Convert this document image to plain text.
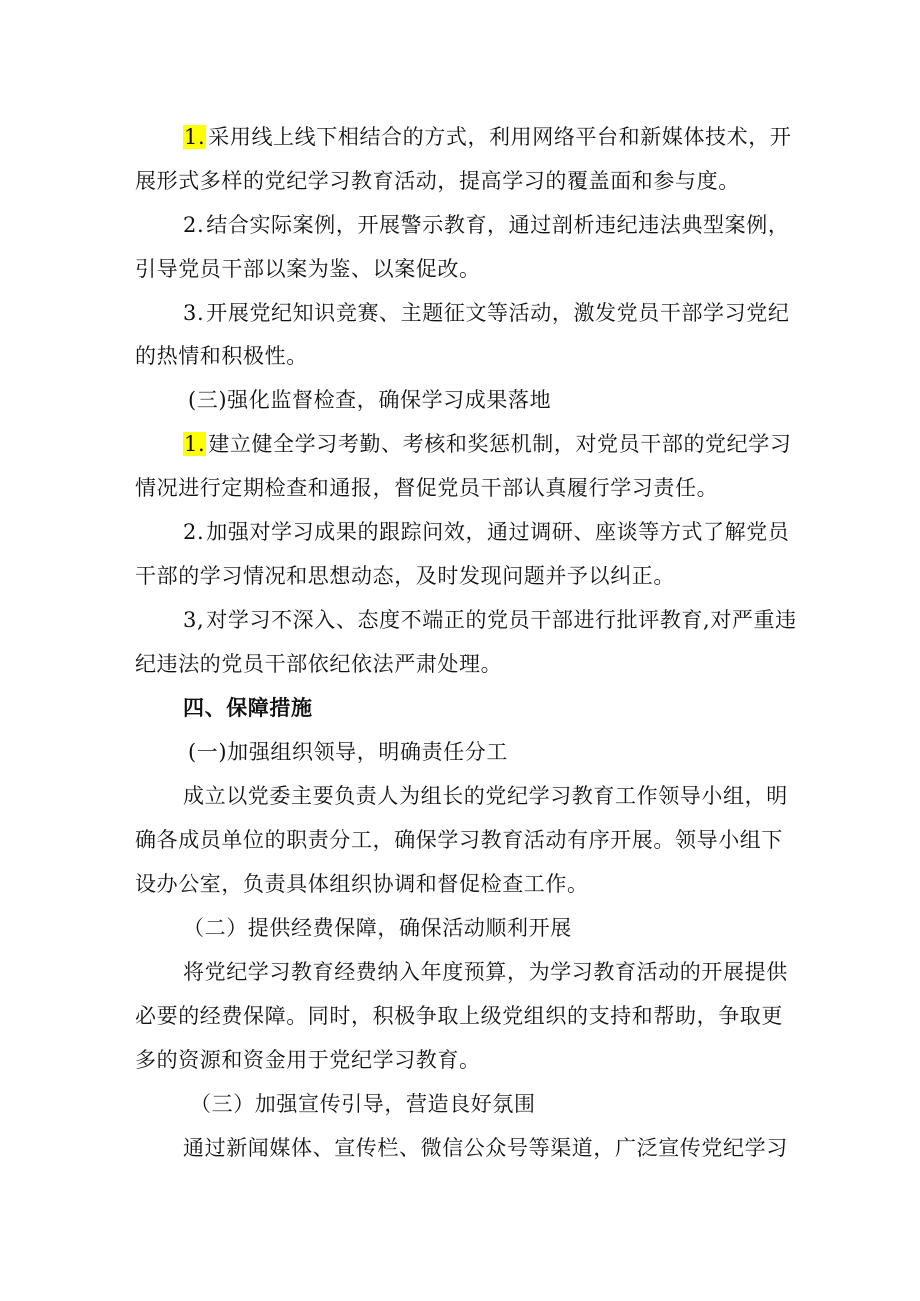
1. 采用线上线下相结合的方式，利用网络平台和新媒体技术，开
展形式多样的党纪学习教育活动，提高学习的覆盖面和参与度。
2.结合实际案例，开展警示教育，通过剖析违纪违法典型案例，
引导党员干部以案为鉴、以案促改。
3.开展党纪知识竞赛、主题征文等活动，激发党员干部学习党纪
的热情和积极性。
(三)强化监督检查，确保学习成果落地
1. 建立健全学习考勤、考核和奖惩机制，对党员干部的党纪学习
情况进行定期检查和通报，督促党员干部认真履行学习责任。
2.加强对学习成果的跟踪问效，通过调研、座谈等方式了解党员
干部的学习情况和思想动态，及时发现问题并予以纠正。
3,对学习不深入、态度不端正的党员干部进行批评教育,对严重违
纪违法的党员干部依纪依法严肃处理。
四、保障措施
(一)加强组织领导，明确责任分工
成立以党委主要负责人为组长的党纪学习教育工作领导小组，明
确各成员单位的职责分工，确保学习教育活动有序开展。领导小组下
设办公室，负责具体组织协调和督促检查工作。
（二）提供经费保障，确保活动顺利开展
将党纪学习教育经费纳入年度预算，为学习教育活动的开展提供
必要的经费保障。同时，积极争取上级党组织的支持和帮助，争取更
多的资源和资金用于党纪学习教育。
（三）加强宣传引导，营造良好氛围
通过新闻媒体、宣传栏、微信公众号等渠道，广泛宣传党纪学习
